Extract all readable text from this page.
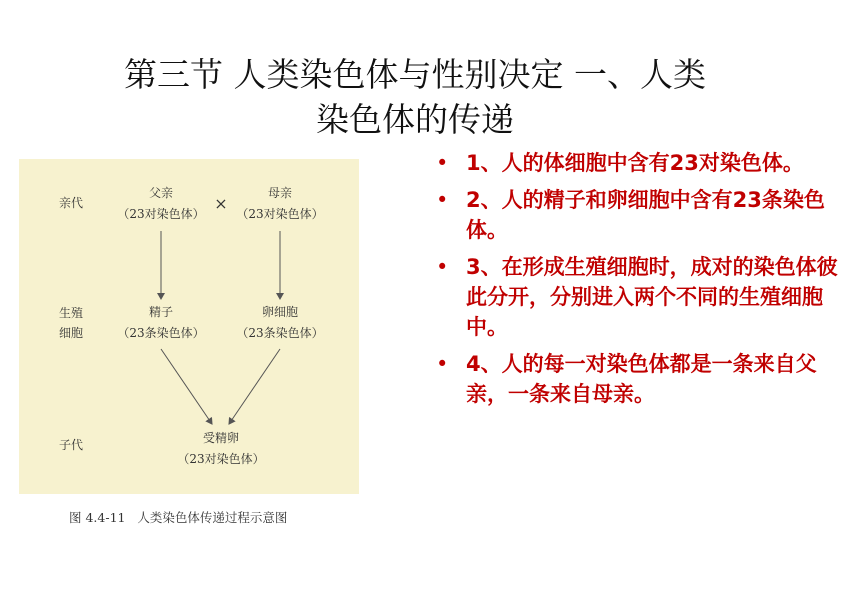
第三节 人类染色体与性别决定 一、人类
染色体的传递
亲代
生殖
细胞
子代
父亲
（23对染色体）
×
母亲
（23对染色体）
精子
（23条染色体）
卵细胞
（23条染色体）
受精卵
（23对染色体）
图 4.4-11   人类染色体传递过程示意图
• 1、人的体细胞中含有23对染色体。
• 2、人的精子和卵细胞中含有23条染色体。
• 3、在形成生殖细胞时，成对的染色体彼此分开，分别进入两个不同的生殖细胞中。
• 4、人的每一对染色体都是一条来自父亲，一条来自母亲。
